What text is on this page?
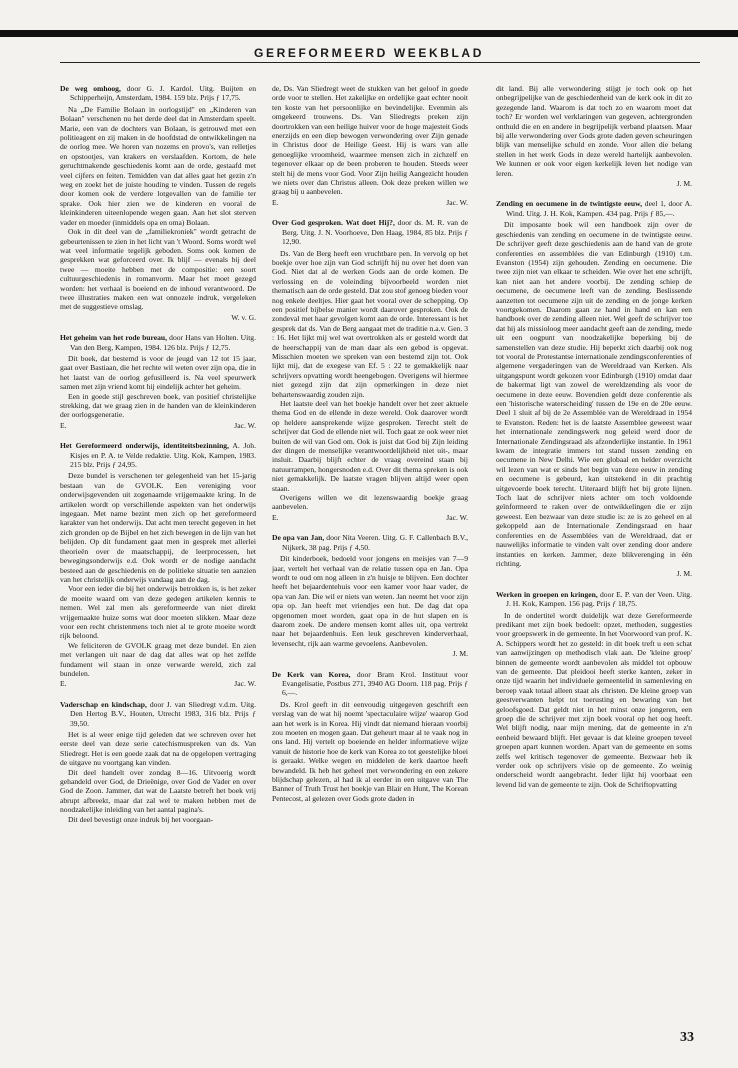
GEREFORMEERD WEEKBLAD
De weg omhoog, door G. J. Kardol. Uitg. Buijten en Schipperheijn, Amsterdam, 1984. 159 blz. Prijs ƒ 17,75.

Na „De Familie Bolaan in oorlogstijd" en „Kinderen van Bolaan" verschenen nu het derde deel dat in Amsterdam speelt. Marie, een van de dochters van Bolaan, is getrouwd met een politieagent en zij maken in de hoofdstad de ontwikkelingen na de oorlog mee. We horen van nozems en provo's, van relletjes en opstootjes, van krakers en verslaafden. Kortom, de hele geruchtmakende geschiedenis komt aan de orde, gestaafd met veel cijfers en feiten. Temidden van dat alles gaat het gezin z'n weg en zoekt het de juiste houding te vinden. Tussen de regels door komen ook de verdere lotgevallen van de familie ter sprake. Ook hier zien we de kinderen en vooral de kleinkinderen uiteenlopende wegen gaan. Aan het slot sterven vader en moeder (inmiddels opa en oma) Bolaan.

Ook in dit deel van de „familiekroniek" wordt getracht de gebeurtenissen te zien in het licht van 't Woord. Soms wordt wel wat veel informatie tegelijk geboden. Soms ook komen de gesprekken wat geforceerd over. Ik blijf — evenals bij deel twee — moeite hebben met de compositie: een soort cultuurgeschiedenis in romanvorm. Maar het moet gezegd worden: het verhaal is boeiend en de inhoud verantwoord. De twee illustraties maken een wat onnozele indruk, vergeleken met de suggestieve omslag.

W. v. G.
Het geheim van het rode bureau, door Hans van Holten. Uitg. Van den Berg, Kampen, 1984. 126 blz. Prijs ƒ 12,75.

Dit boek, dat bestemd is voor de jeugd van 12 tot 15 jaar, gaat over Bastiaan, die het rechte wil weten over zijn opa, die in het laatst van de oorlog gefusilleerd is. Na veel speurwerk samen met zijn vriend komt hij eindelijk achter het geheim.

Een in goede stijl geschreven boek, van positief christelijke strekking, dat we graag zien in de handen van de kleinkinderen der oorlogsgeneratie.

E.	Jac. W.
Het Gereformeerd onderwijs, identiteitsbezinning, A. Joh. Kisjes en P. A. te Velde redaktie. Uitg. Kok, Kampen, 1983. 215 blz. Prijs ƒ 24,95.

Deze bundel is verschenen ter gelegenheid van het 15-jarig bestaan van de GVOLK. Een vereniging voor onderwijsgevenden uit zogenaamde vrijgemaakte kring. In de artikelen wordt op verschillende aspekten van het onderwijs ingegaan. Met name bezint men zich op het gereformeerd karakter van het onderwijs. Dat acht men terecht gegeven in het zich gronden op de Bijbel en het zich bewegen in de lijn van het belijden. Op dit fundament gaat men in gesprek met allerlei theorieën over de maatschappij, de leerprocessen, het bewegingsonderwijs e.d. Ook wordt er de nodige aandacht besteed aan de geschiedenis en de politieke situatie ten aanzien van het christelijk onderwijs vandaag aan de dag.

Voor een ieder die bij het onderwijs betrokken is, is het zeker de moeite waard om van deze gedegen artikelen kennis te nemen. Wel zal men als gereformeerde van niet direkt vrijgemaakte huize soms wat door moeten slikken. Maar deze voor een recht christenmens toch niet al te grote moeite wordt rijk beloond.

We feliciteren de GVOLK graag met deze bundel. En zien met verlangen uit naar de dag dat alles wat op het zelfde fundament wil staan in onze verwarde wereld, zich zal bundelen.

E.	Jac. W.
Vaderschap en kindschap, door J. van Sliedregt v.d.m. Uitg. Den Hertog B.V., Houten, Utrecht 1983, 316 blz. Prijs ƒ 39,50.

Het is al weer enige tijd geleden dat we schreven over het eerste deel van deze serie catechismuspreken van ds. Van Sliedregt. Het is een goede zaak dat na de opgelopen vertraging de uitgave nu voortgang kan vinden.

Dit deel handelt over zondag 8—16. Uitvoerig wordt gehandeld over God, de Drieënige, over God de Vader en over God de Zoon. Jammer, dat wat de Laatste betreft het boek vrij abrupt afbreekt, maar dat zal wel te maken hebben met de noodzakelijke inleiding van het aantal pagina's.

Dit deel bevestigt onze indruk bij het voorgaan-

de, Ds. Van Sliedregt weet de stukken van het geloof in goede orde voor te stellen. Het zakelijke en ordelijke gaat echter nooit ten koste van het persoonlijke en bevindelijke. Evenmin als omgekeerd trouwens. Ds. Van Sliedregts preken zijn doortrokken van een heilige huiver voor de hoge majesteit Gods enerzijds en een diep bewogen verwondering over Zijn genade in Christus door de Heilige Geest. Hij is wars van alle genoeglijke vroomheid, waarmee mensen zich in zichzelf en tegenover elkaar op de been proberen te houden. Steeds weer stelt hij de mens voor God. Voor Zijn heilig Aangezicht houden we niets over dan Christus alleen. Ook deze preken willen we graag bij u aanbevelen.

E.	Jac. W.
Over God gesproken. Wat doet Hij?, door ds. M. R. van de Berg. Uitg. J. N. Voorhoeve, Den Haag, 1984, 85 blz. Prijs ƒ 12,90.

Ds. Van de Berg heeft een vruchtbare pen. In vervolg op het boekje over hoe zijn van God schrijft hij nu over het doen van God. Niet dat al de werken Gods aan de orde komen. De verlossing en de voleinding bijvoorbeeld worden niet thematisch aan de orde gesteld. Dat zou stof genoeg bieden voor nog enkele deeltjes. Hier gaat het vooral over de schepping. Op een positief bijbelse manier wordt daarover gesproken. Ook de zondeval met haar gevolgen komt aan de orde. Interessant is het gesprek dat ds. Van de Berg aangaat met de traditie n.a.v. Gen. 3 : 16. Het lijkt mij wel wat overtrokken als er gesteld wordt dat de heerschappij van de man daar als een gebod is opgevat. Misschien moeten we spreken van een bestemd zijn tot. Ook lijkt mij, dat de exegese van Ef. 5 : 22 te gemakkelijk naar schrijvers opvatting wordt heengebogen. Overigens wil hiermee niet gezegd zijn dat zijn opmerkingen in deze niet behartenswaardig zouden zijn.

Het laatste deel van het boekje handelt over het zeer aktuele thema God en de ellende in deze wereld. Ook daarover wordt op heldere aansprekende wijze gesproken. Terecht stelt de schrijver dat God de ellende niet wil. Toch gaat ze ook weer niet buiten de wil van God om. Ook is juist dat God bij Zijn leiding der dingen de menselijke verantwoordelijkheid niet uit-, maar insluit. Daarbij blijft echter de vraag overeind staan bij natuurrampen, hongersnoden e.d. Over dit thema spreken is ook niet gemakkelijk. De laatste vragen blijven altijd weer open staan.

Overigens willen we dit lezenswaardig boekje graag aanbevelen.

E.	Jac. W.
De opa van Jan, door Nita Veeren. Uitg. G. F. Callenbach B.V., Nijkerk, 38 pag. Prijs ƒ 4,50.

Dit kinderboek, bedoeld voor jongens en meisjes van 7—9 jaar, vertelt het verhaal van de relatie tussen opa en Jan. Opa wordt te oud om nog alleen in z'n huisje te blijven. Een dochter heeft het bejaardentehuis voor een kamer voor haar vader, de opa van Jan. Die wil er niets van weten. Jan neemt het voor zijn opa op. Jan heeft met vriendjes een hut. De dag dat opa opgenomen moet worden, gaat opa in de hut slapen en is daarom zoek. De andere mensen komt alles uit, opa vertrekt naar het bejaardenhuis. Een leuk geschreven kinderverhaal, levensecht, rijk aan warme gevoelens. Aanbevolen.

J. M.
De Kerk van Korea, door Bram Krol. Instituut voor Evangelisatie, Postbus 271, 3940 AG Doorn. 118 pag. Prijs ƒ 6,—.

Ds. Krol geeft in dit eenvoudig uitgegeven geschrift een verslag van de wat hij noemt 'spectaculaire wijze' waarop God aan het werk is in Korea. Hij vindt dat niemand hieraan voorbij zou moeten en mogen gaan. Dat geheurt maar al te vaak nog in ons land. Hij vertelt op boeiende en helder informatieve wijze vanuit de historie hoe de kerk van Korea zo tot geestelijke bloei is geraakt. Welke wegen en middelen de kerk daartoe heeft bewandeld. Ik heb het geheel met verwondering en een zekere blijdschap gelezen, al had ik al eerder in een uitgave van The Banner of Truth Trust het boekje van Blair en Hunt, The Korean Pentecost, al gelezen over Gods grote daden in

dit land. Bij alle verwondering stijgt je toch ook op het onbegrijpelijke van de geschiedenheid van de kerk ook in dit zo gezegende land. Waarom is dat toch zo en waarom moet dat toch? Er worden wel verklaringen van gegeven, achtergronden onthuld die en en andere in begrijpelijk verband plaatsen. Maar bij alle verwondering over Gods grote daden geven scheuringen blijk van menselijke schuld en zonde. Voor allen die belang stellen in het werk Gods in deze wereld hartelijk aanbevolen. We kunnen er ook voor eigen kerkelijk leven het nodige van leren.

J. M.
Zending en oecumene in de twintigste eeuw, deel 1, door A. Wind. Uitg. J. H. Kok, Kampen. 434 pag. Prijs ƒ 85,—.

Dit imposante boek wil een handboek zijn over de geschiedenis van zending en oecumene in de twintigste eeuw. De schrijver geeft deze geschiedenis aan de hand van de grote conferenties en assemblées die van Edinburgh (1910) t.m. Evanston (1954) zijn gehouden. Zending en oecumene. Die twee zijn niet van elkaar te scheiden. Wie over het ene schrijft, kan niet aan het andere voorbij. De zending schiep de oecumene, de oecumene leeft van de zending. Beslissende aanzetten tot oecumene zijn uit de zending en de jonge kerken voortgekomen. Daarom gaan ze hand in hand en kan een handboek over de zending alleen niet. Wel geeft de schrijver toe dat hij als missioloog meer aandacht geeft aan de zending, mede uit een oogpunt van noodzakelijke beperking bij de samenstellen van deze studie. Hij beperkt zich daarbij ook nog tot vooral de Protestantse internationale zendingsconferenties of algemene vergaderingen van de Wereldraad van Kerken. Als uitgangspunt wordt gekozen voor Edinburgh (1910) omdat daar de bakermat ligt van zowel de wereldzending als voor de oecumene in deze eeuw. Bovendien geldt deze conferentie als een 'historische waterscheiding' tussen de 19e en de 20e eeuw. Deel 1 sluit af bij de 2e Assemblée van de Wereldraad in 1954 te Evanston. Reden: het is de laatste Assemblee geweest waar het internationale zendingswerk nog geleid werd door de Internationale Zendingsraad als afzonderlijke instantie. In 1961 kwam de integratie immers tot stand tussen zending en oecumene in New Delhi. Wie een globaal en helder overzicht wil lezen van wat er sinds het begin van deze eeuw in zending en oecumene is gebeurd, kan uitstekend in dit prachtig uitgevoerde boek terecht. Uiteraard blijft het bij grote lijnen. Toch laat de schrijver niets achter om toch voldoende geïnformeerd te raken over de ontwikkelingen die er zijn geweest. Een bezwaar van deze studie is: ze is zo geheel en al gekoppeld aan de Internationale Zendingsraad en haar conferenties en de Assemblées van de Wereldraad, dat er nauwelijks informatie te vinden valt over zending door andere instanties en kerken. Jammer, deze blikverenging in één richting.

J. M.
Werken in groepen en kringen, door E. P. van der Veen. Uitg. J. H. Kok, Kampen. 156 pag. Prijs ƒ 18,75.

In de ondertitel wordt duidelijk wat deze Gereformeerde predikant met zijn boek bedoelt: opzet, methoden, suggesties voor groepswerk in de gemeente. In het Voorwoord van prof. K. A. Schippers wordt het zo gesteld: in dit boek treft u een schat van aanwijzingen op methodisch vlak aan. De 'kleine groep' binnen de gemeente wordt aanbevolen als middel tot opbouw van de gemeente. Dat pleidooi heeft sterke kanten, zeker in onze tijd waarin het individuele gemeentelid in samenleving en beroep vaak totaal alleen staat als christen. De kleine groep van geestverwanten helpt tot toerusting en bewaring van het geloofsgoed. Dat geldt niet in het minst onze jongeren, een groep die de schrijver met zijn boek vooral op het oog heeft. Wel blijft nodig, naar mijn mening, dat de gemeente in z'n eenheid bewaard blijft. Het gevaar is dat kleine groepen teveel groepen apart kunnen worden. Apart van de gemeente en soms zelfs wel kritisch tegenover de gemeente. Bezwaar heb ik verder ook op schrijvers visie op de gemeente. Zo weinig onderscheid wordt aangebracht. Ieder lijkt hij voorbaat een levend lid van de gemeente te zijn. Ook de Schriftopvatting

33
